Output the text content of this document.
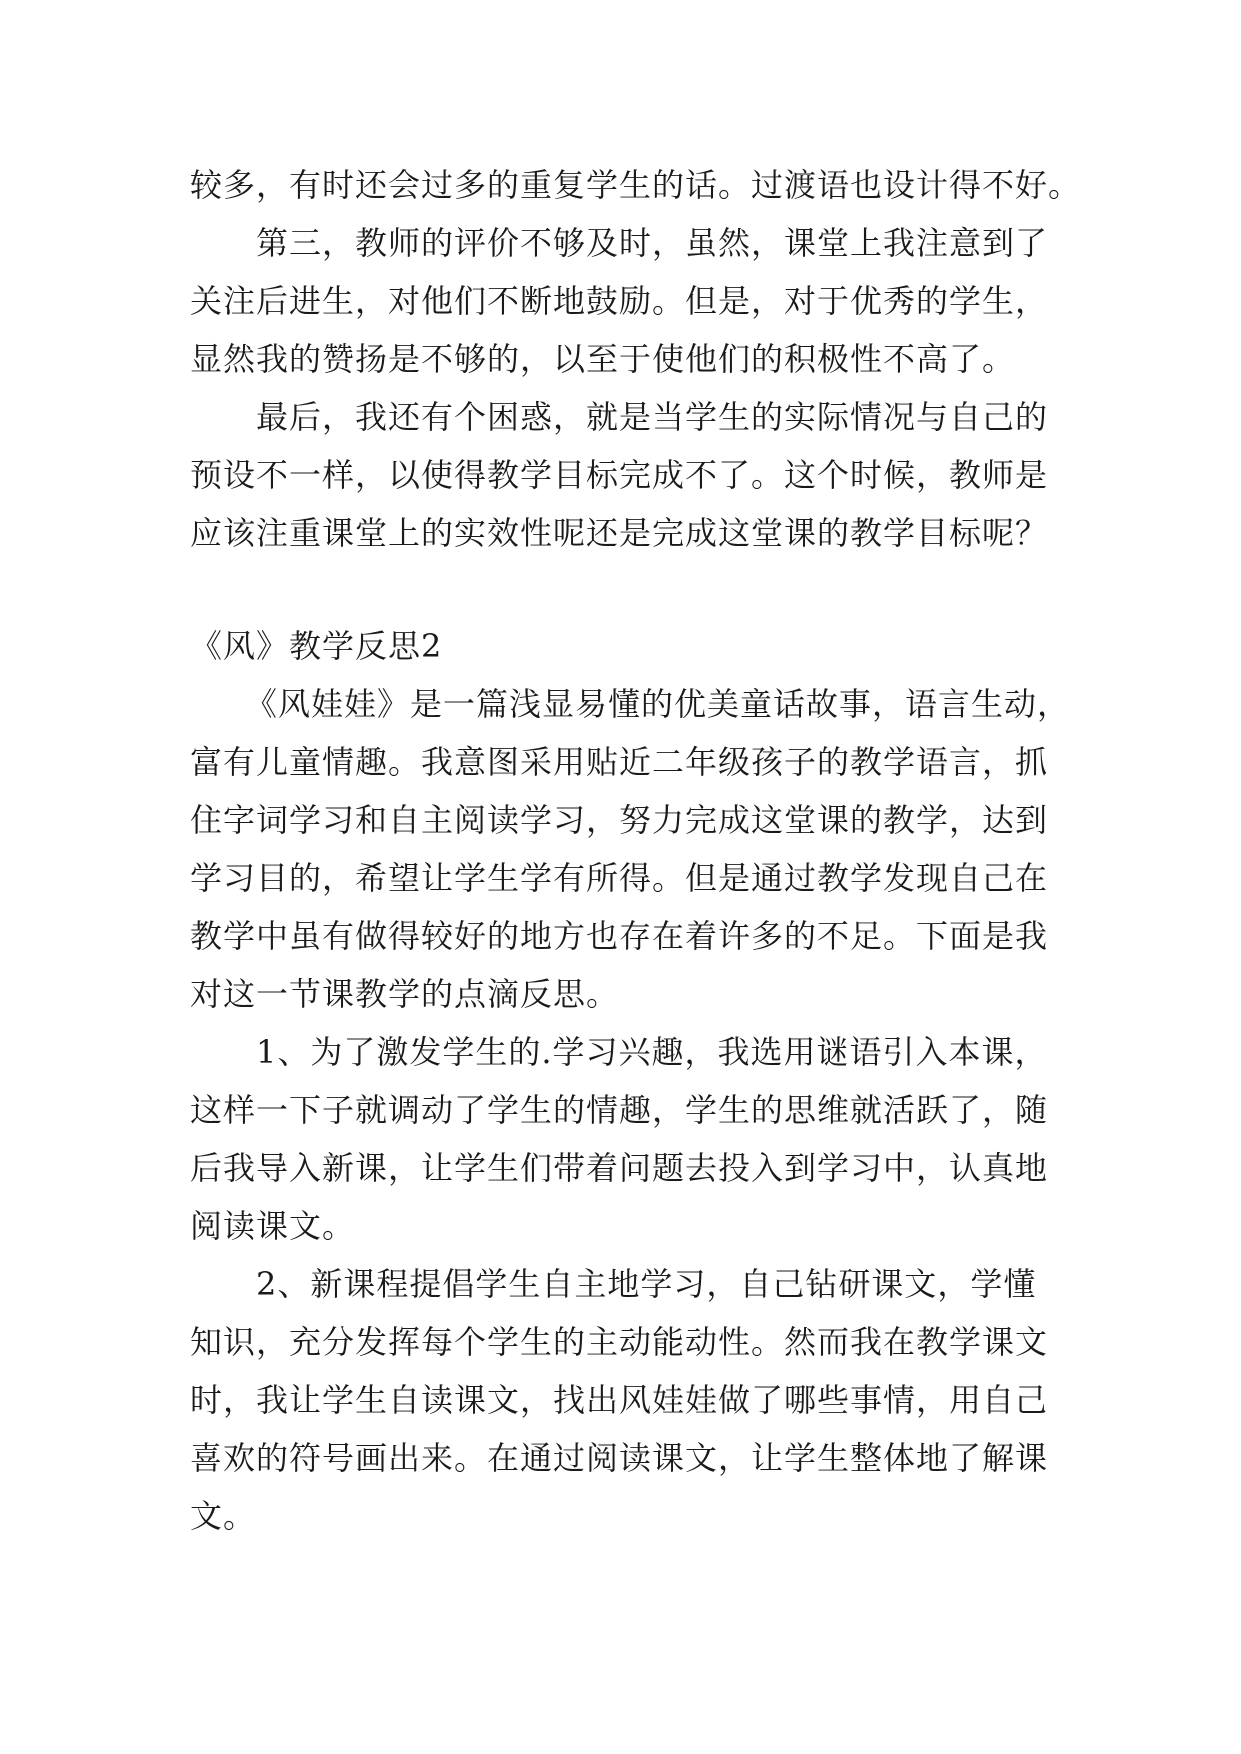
较多，有时还会过多的重复学生的话。过渡语也设计得不好。
第三，教师的评价不够及时，虽然，课堂上我注意到了
关注后进生，对他们不断地鼓励。但是，对于优秀的学生，
显然我的赞扬是不够的，以至于使他们的积极性不高了。
最后，我还有个困惑，就是当学生的实际情况与自己的
预设不一样，以使得教学目标完成不了。这个时候，教师是
应该注重课堂上的实效性呢还是完成这堂课的教学目标呢？
《风》教学反思2
《风娃娃》是一篇浅显易懂的优美童话故事，语言生动，
富有儿童情趣。我意图采用贴近二年级孩子的教学语言，抓
住字词学习和自主阅读学习，努力完成这堂课的教学，达到
学习目的，希望让学生学有所得。但是通过教学发现自己在
教学中虽有做得较好的地方也存在着许多的不足。下面是我
对这一节课教学的点滴反思。
1、为了激发学生的.学习兴趣，我选用谜语引入本课，
这样一下子就调动了学生的情趣，学生的思维就活跃了，随
后我导入新课，让学生们带着问题去投入到学习中，认真地
阅读课文。
2、新课程提倡学生自主地学习，自己钻研课文，学懂
知识，充分发挥每个学生的主动能动性。然而我在教学课文
时，我让学生自读课文，找出风娃娃做了哪些事情，用自己
喜欢的符号画出来。在通过阅读课文，让学生整体地了解课
文。
